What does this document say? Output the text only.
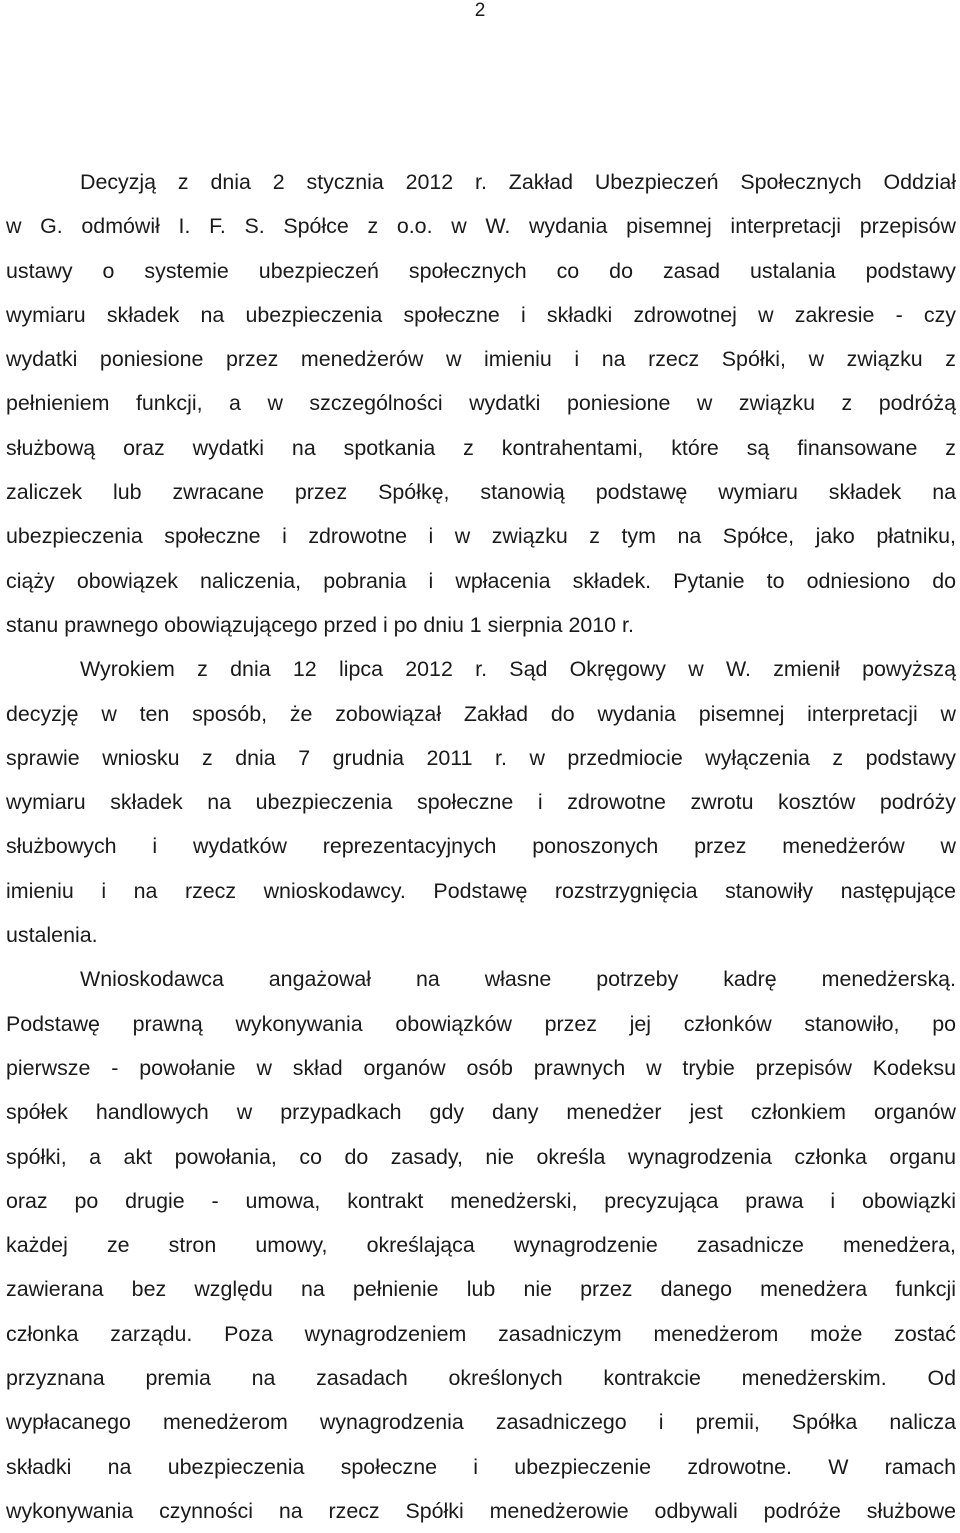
2
Decyzją z dnia 2 stycznia 2012 r. Zakład Ubezpieczeń Społecznych Oddział
w G. odmówił I. F. S. Spółce z o.o. w W. wydania pisemnej interpretacji przepisów
ustawy o systemie ubezpieczeń społecznych co do zasad ustalania podstawy
wymiaru składek na ubezpieczenia społeczne i składki zdrowotnej w zakresie - czy
wydatki poniesione przez menedżerów w imieniu i na rzecz Spółki, w związku z
pełnieniem funkcji, a w szczególności wydatki poniesione w związku z podróżą
służbową oraz wydatki na spotkania z kontrahentami, które są finansowane z
zaliczek lub zwracane przez Spółkę, stanowią podstawę wymiaru składek na
ubezpieczenia społeczne i zdrowotne i w związku z tym na Spółce, jako płatniku,
ciąży obowiązek naliczenia, pobrania i wpłacenia składek. Pytanie to odniesiono do
stanu prawnego obowiązującego przed i po dniu 1 sierpnia 2010 r.
Wyrokiem z dnia 12 lipca 2012 r. Sąd Okręgowy w W. zmienił powyższą
decyzję w ten sposób, że zobowiązał Zakład do wydania pisemnej interpretacji w
sprawie wniosku z dnia 7 grudnia 2011 r. w przedmiocie wyłączenia z podstawy
wymiaru składek na ubezpieczenia społeczne i zdrowotne zwrotu kosztów podróży
służbowych i wydatków reprezentacyjnych ponoszonych przez menedżerów w
imieniu i na rzecz wnioskodawcy. Podstawę rozstrzygnięcia stanowiły następujące
ustalenia.
Wnioskodawca angażował na własne potrzeby kadrę menedżerską.
Podstawę prawną wykonywania obowiązków przez jej członków stanowiło, po
pierwsze - powołanie w skład organów osób prawnych w trybie przepisów Kodeksu
spółek handlowych w przypadkach gdy dany menedżer jest członkiem organów
spółki, a akt powołania, co do zasady, nie określa wynagrodzenia członka organu
oraz po drugie - umowa, kontrakt menedżerski, precyzująca prawa i obowiązki
każdej ze stron umowy, określająca wynagrodzenie zasadnicze menedżera,
zawierana bez względu na pełnienie lub nie przez danego menedżera funkcji
członka zarządu. Poza wynagrodzeniem zasadniczym menedżerom może zostać
przyznana premia na zasadach określonych kontrakcie menedżerskim. Od
wypłacanego menedżerom wynagrodzenia zasadniczego i premii, Spółka nalicza
składki na ubezpieczenia społeczne i ubezpieczenie zdrowotne. W ramach
wykonywania czynności na rzecz Spółki menedżerowie odbywali podróże służbowe
